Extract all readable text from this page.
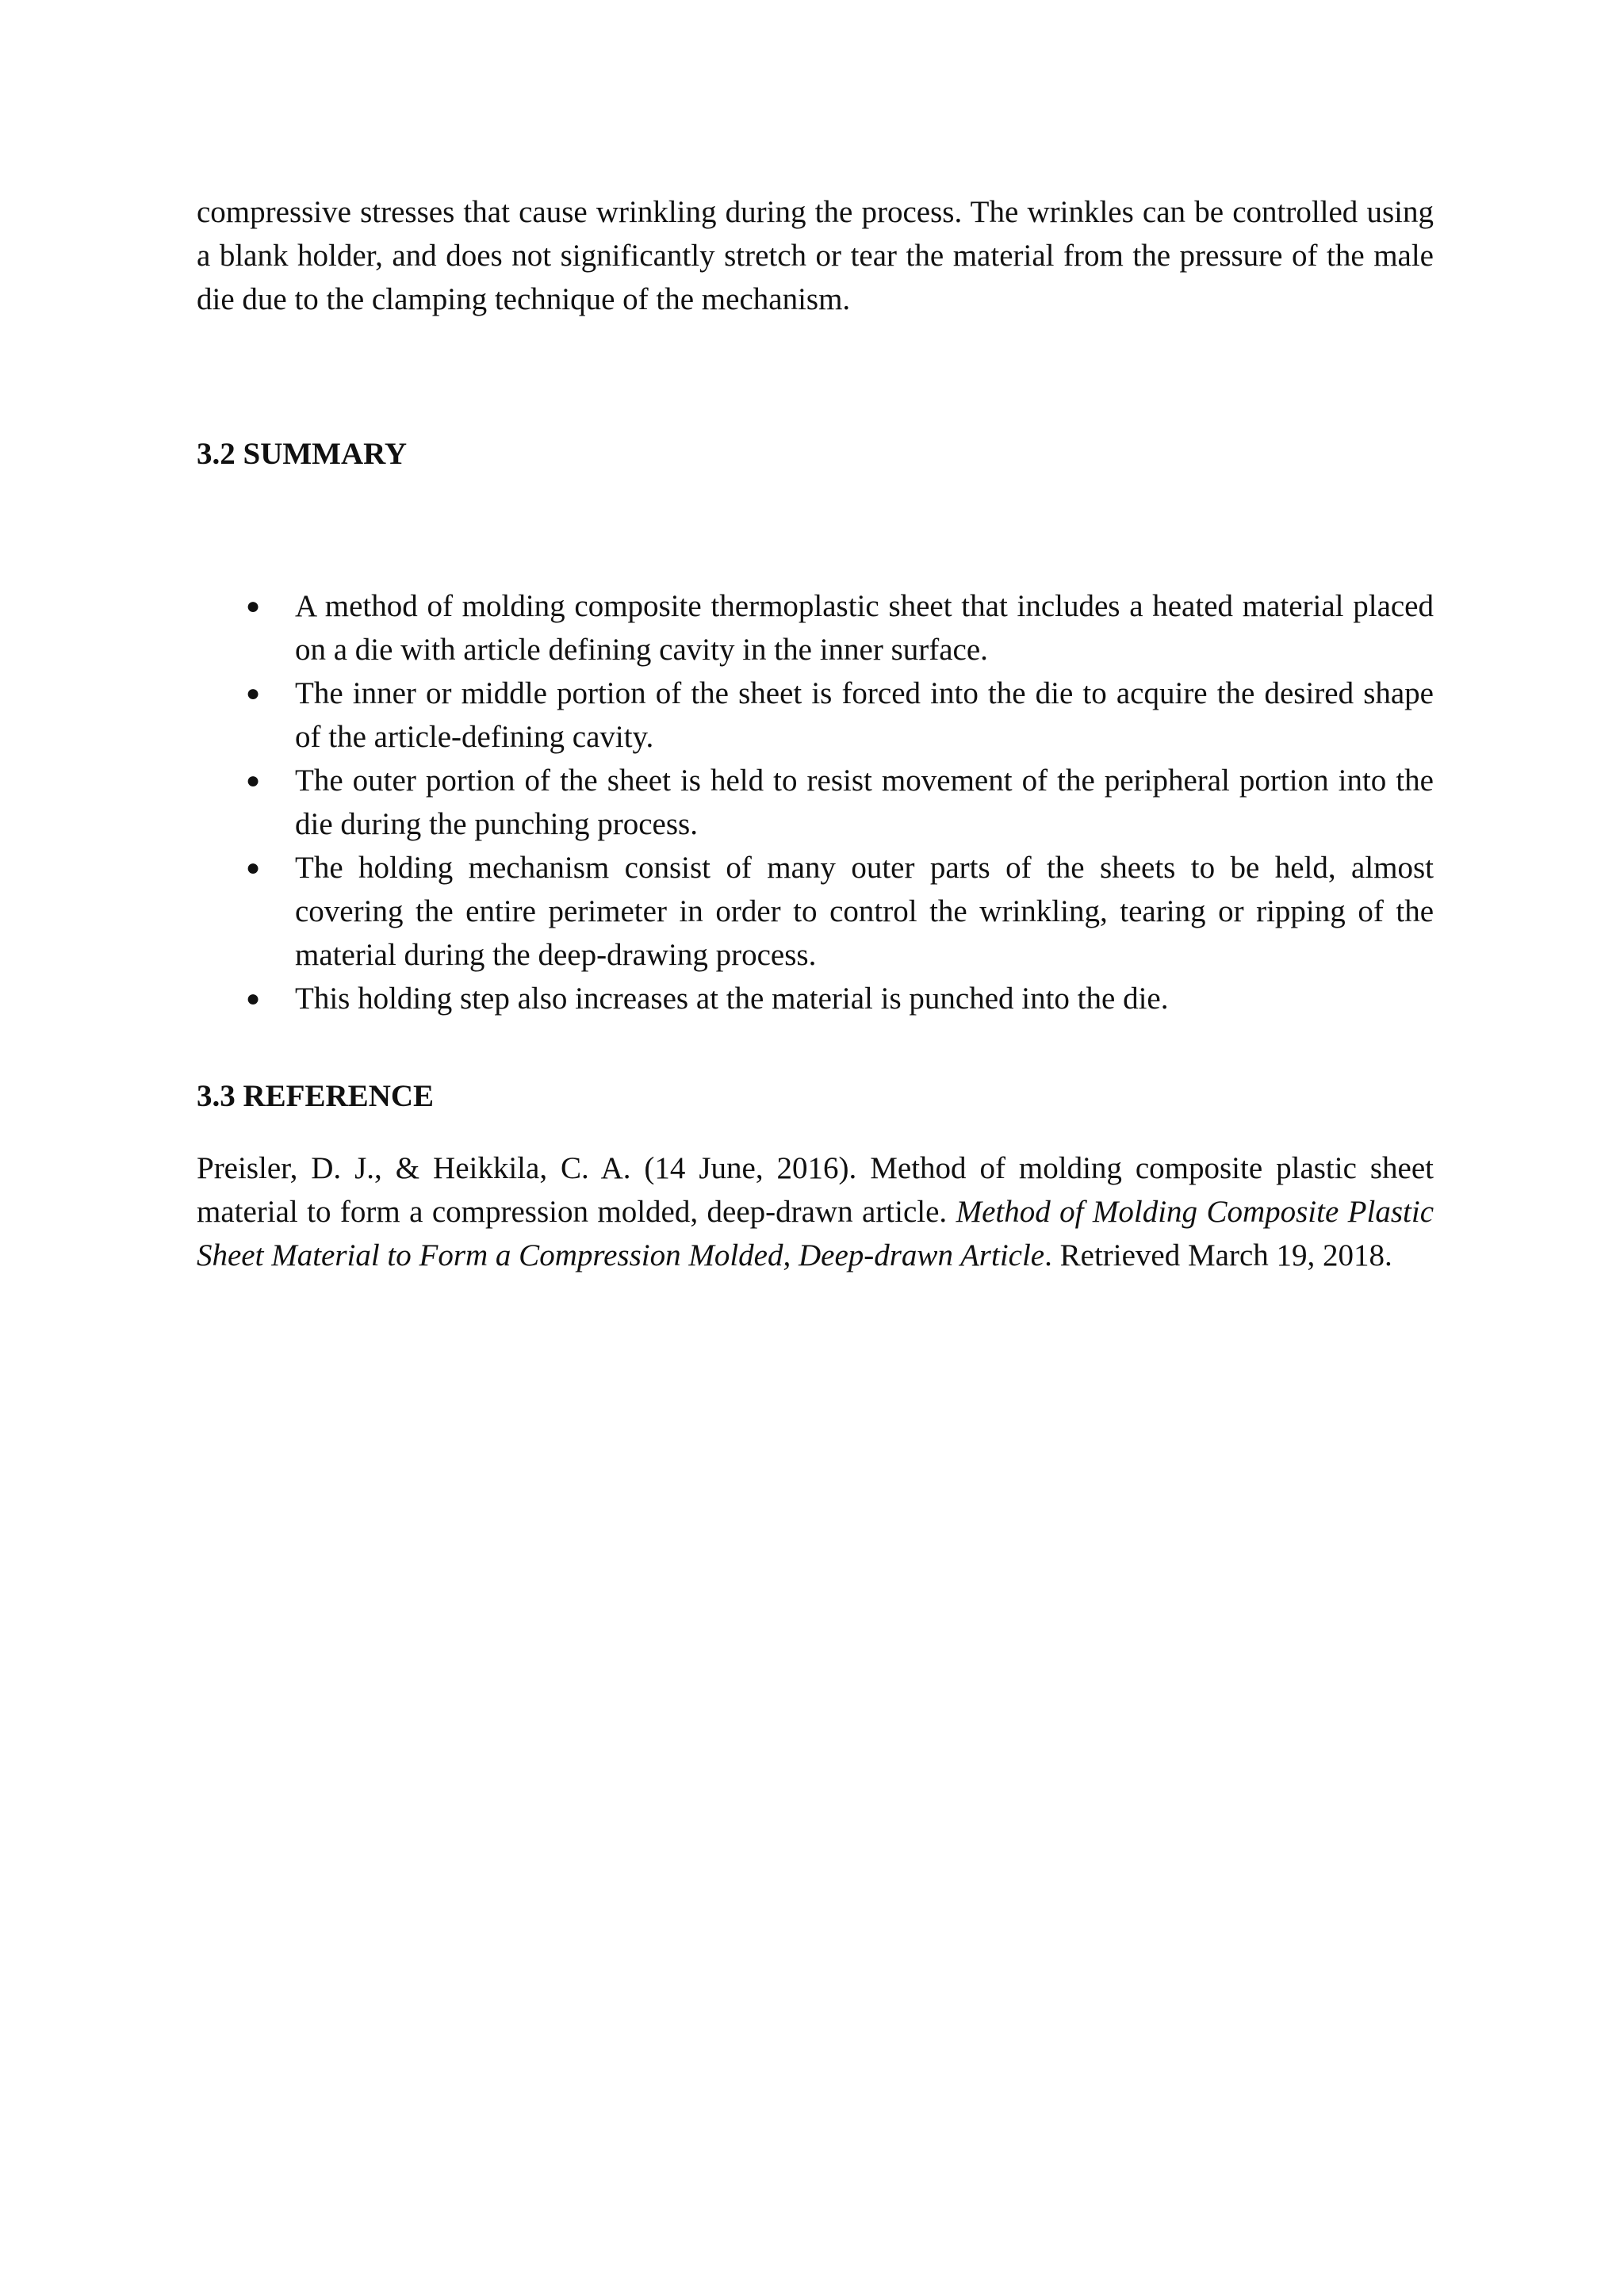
compressive stresses that cause wrinkling during the process. The wrinkles can be controlled using a blank holder, and does not significantly stretch or tear the material from the pressure of the male die due to the clamping technique of the mechanism.

3.2 SUMMARY
● A method of molding composite thermoplastic sheet that includes a heated material placed on a die with article defining cavity in the inner surface.
● The inner or middle portion of the sheet is forced into the die to acquire the desired shape of the article-defining cavity.
● The outer portion of the sheet is held to resist movement of the peripheral portion into the die during the punching process.
● The holding mechanism consist of many outer parts of the sheets to be held, almost covering the entire perimeter in order to control the wrinkling, tearing or ripping of the material during the deep-drawing process.
● This holding step also increases at the material is punched into the die.
3.3 REFERENCE

Preisler, D. J., & Heikkila, C. A. (14 June, 2016). Method of molding composite plastic sheet material to form a compression molded, deep-drawn article. Method of Molding Composite Plastic Sheet Material to Form a Compression Molded, Deep-drawn Article. Retrieved March 19, 2018.
